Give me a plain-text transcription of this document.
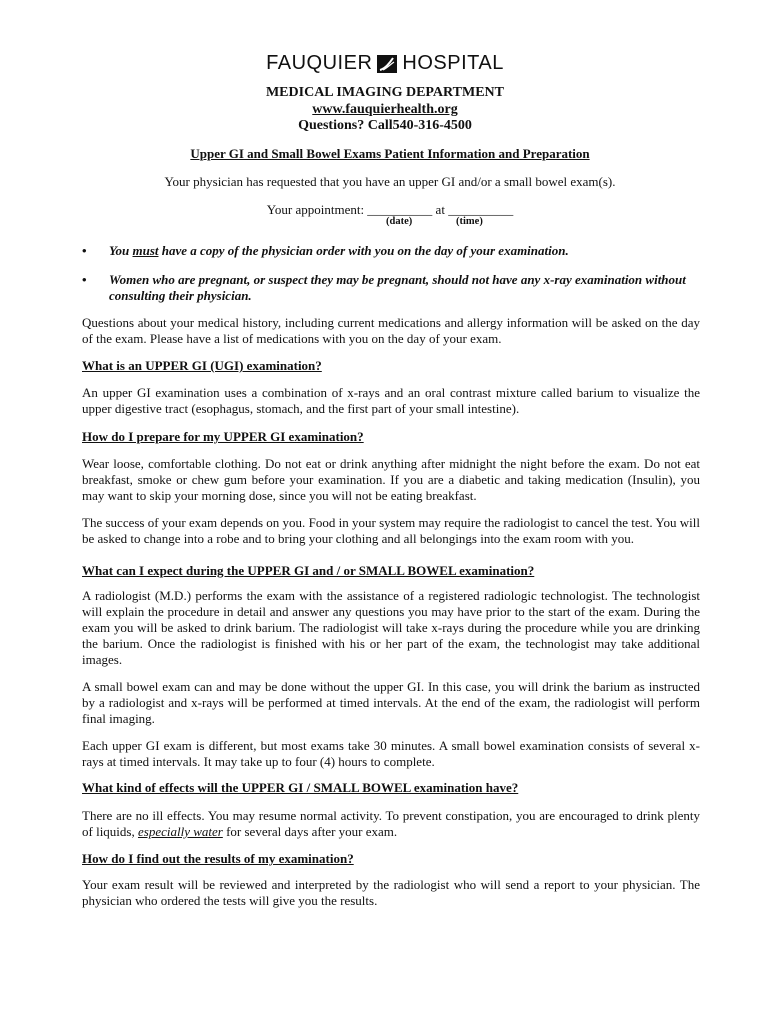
FAUQUIER HOSPITAL
MEDICAL IMAGING DEPARTMENT
www.fauquierhealth.org
Questions? Call540-316-4500
Upper GI and Small Bowel Exams Patient Information and Preparation
Your physician has requested that you have an upper GI and/or a small bowel exam(s).
Your appointment: __________ at __________
(date)	(time)
• You must have a copy of the physician order with you on the day of your examination.
• Women who are pregnant, or suspect they may be pregnant, should not have any x-ray examination without consulting their physician.
Questions about your medical history, including current medications and allergy information will be asked on the day of the exam. Please have a list of medications with you on the day of your exam.
What is an UPPER GI (UGI) examination?
An upper GI examination uses a combination of x-rays and an oral contrast mixture called barium to visualize the upper digestive tract (esophagus, stomach, and the first part of your small intestine).
How do I prepare for my UPPER GI examination?
Wear loose, comfortable clothing. Do not eat or drink anything after midnight the night before the exam. Do not eat breakfast, smoke or chew gum before your examination. If you are a diabetic and taking medication (Insulin), you may want to skip your morning dose, since you will not be eating breakfast.
The success of your exam depends on you. Food in your system may require the radiologist to cancel the test. You will be asked to change into a robe and to bring your clothing and all belongings into the exam room with you.
What can I expect during the UPPER GI and / or SMALL BOWEL examination?
A radiologist (M.D.) performs the exam with the assistance of a registered radiologic technologist. The technologist will explain the procedure in detail and answer any questions you may have prior to the start of the exam. During the exam you will be asked to drink barium. The radiologist will take x-rays during the procedure while you are drinking the barium. Once the radiologist is finished with his or her part of the exam, the technologist may take additional images.
A small bowel exam can and may be done without the upper GI. In this case, you will drink the barium as instructed by a radiologist and x-rays will be performed at timed intervals. At the end of the exam, the radiologist will perform final imaging.
Each upper GI exam is different, but most exams take 30 minutes. A small bowel examination consists of several x-rays at timed intervals. It may take up to four (4) hours to complete.
What kind of effects will the UPPER GI / SMALL BOWEL examination have?
There are no ill effects. You may resume normal activity. To prevent constipation, you are encouraged to drink plenty of liquids, especially water for several days after your exam.
How do I find out the results of my examination?
Your exam result will be reviewed and interpreted by the radiologist who will send a report to your physician. The physician who ordered the tests will give you the results.
